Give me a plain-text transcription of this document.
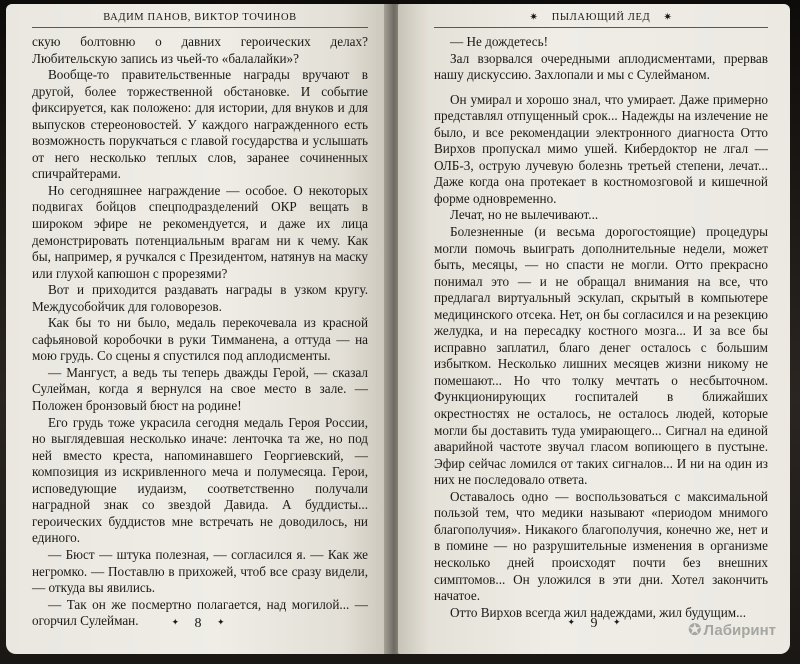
ВАДИМ ПАНОВ, ВИКТОР ТОЧИНОВ

скую болтовню о давних героических делах? Любительскую запись из чьей-то «балалайки»?

Вообще-то правительственные награды вручают в другой, более торжественной обстановке. И событие фиксируется, как положено: для истории, для внуков и для выпусков стереоновостей. У каждого награжденного есть возможность порукчаться с главой государства и услышать от него несколько теплых слов, заранее сочиненных спичрайтерами.

Но сегодняшнее награждение — особое. О некоторых подвигах бойцов спецподразделений ОКР вещать в широком эфире не рекомендуется, и даже их лица демонстрировать потенциальным врагам ни к чему. Как бы, например, я ручкался с Президентом, натянув на маску или глухой капюшон с прорезями?

Вот и приходится раздавать награды в узком кругу. Междусобойчик для головорезов.

Как бы то ни было, медаль перекочевала из красной сафьяновой коробочки в руки Тимманена, а оттуда — на мою грудь. Со сцены я спустился под аплодисменты.

— Мангуст, а ведь ты теперь дважды Герой, — сказал Сулейман, когда я вернулся на свое место в зале. — Положен бронзовый бюст на родине!

Его грудь тоже украсила сегодня медаль Героя России, но выглядевшая несколько иначе: ленточка та же, но под ней вместо креста, напоминавшего Георгиевский, — композиция из искривленного меча и полумесяца. Герои, исповедующие иудаизм, соответственно получали наградной знак со звездой Давида. А буддисты... героических буддистов мне встречать не доводилось, ни единого.

— Бюст — штука полезная, — согласился я. — Как же негромко. — Поставлю в прихожей, чтоб все сразу видели, — откуда вы явились.

— Так он же посмертно полагается, над могилой... — огорчил Сулейман.	✦ 8 ✦
✷ ПЫЛАЮЩИЙ ЛЕД ✷

— Не дождетесь!

Зал взорвался очередными аплодисментами, прервав нашу дискуссию. Захлопали и мы с Сулейманом.

Он умирал и хорошо знал, что умирает. Даже примерно представлял отпущенный срок... Надежды на излечение не было, и все рекомендации электронного диагноста Отто Вирхов пропускал мимо ушей. Кибердоктор не лгал — ОЛБ-3, острую лучевую болезнь третьей степени, лечат... Даже когда она протекает в костномозговой и кишечной форме одновременно.

Лечат, но не вылечивают...

Болезненные (и весьма дорогостоящие) процедуры могли помочь выиграть дополнительные недели, может быть, месяцы, — но спасти не могли. Отто прекрасно понимал это — и не обращал внимания на все, что предлагал виртуальный эскулап, скрытый в компьютере медицинского отсека. Нет, он бы согласился и на резекцию желудка, и на пересадку костного мозга... И за все бы исправно заплатил, благо денег осталось с большим избытком. Несколько лишних месяцев жизни никому не помешают... Но что толку мечтать о несбыточном. Функционирующих госпиталей в ближайших окрестностях не осталось, не осталось людей, которые могли бы доставить туда умирающего... Сигнал на единой аварийной частоте звучал гласом вопиющего в пустыне. Эфир сейчас ломился от таких сигналов... И ни на один из них не последовало ответа.

Оставалось одно — воспользоваться с максимальной пользой тем, что медики называют «периодом мнимого благополучия». Никакого благополучия, конечно же, нет и в помине — но разрушительные изменения в организме несколько дней происходят почти без внешних симптомов... Он уложился в эти дни. Хотел закончить начатое.

Отто Вирхов всегда жил надеждами, жил будущим...

✦ 9 ✦	✪ Лабиринт
